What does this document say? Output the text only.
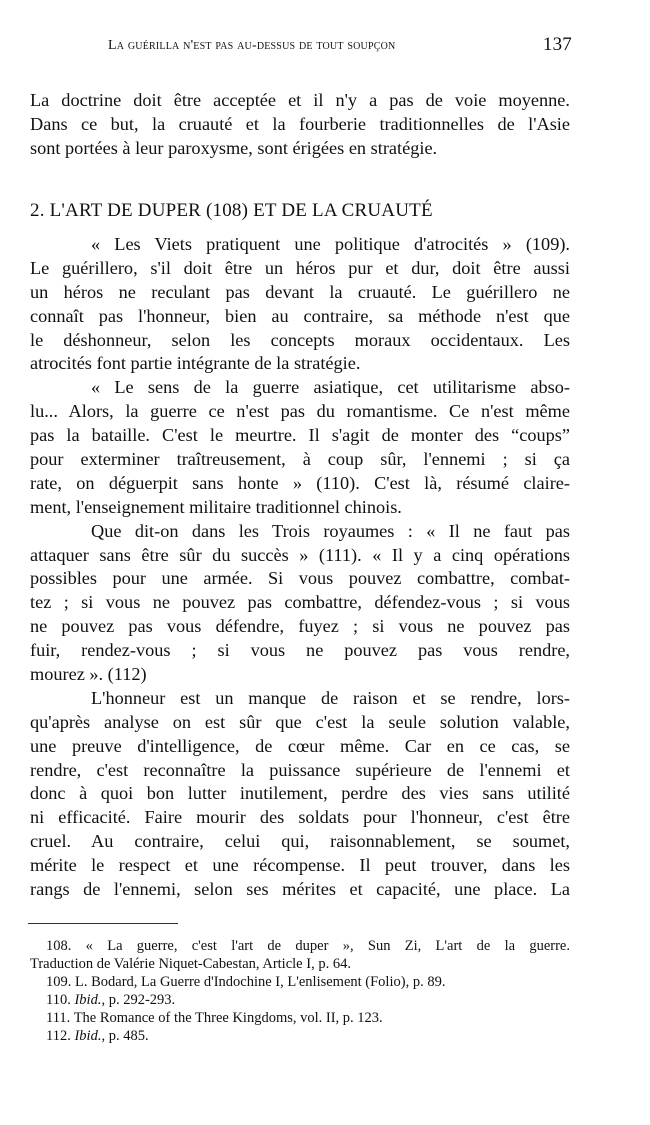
La guérilla n'est pas au-dessus de tout soupçon	137
La doctrine doit être acceptée et il n'y a pas de voie moyenne.
Dans ce but, la cruauté et la fourberie traditionnelles de l'Asie
sont portées à leur paroxysme, sont érigées en stratégie.
2. L'ART DE DUPER (108) ET DE LA CRUAUTÉ
« Les Viets pratiquent une politique d'atrocités » (109).
Le guérillero, s'il doit être un héros pur et dur, doit être aussi
un héros ne reculant pas devant la cruauté. Le guérillero ne
connaît pas l'honneur, bien au contraire, sa méthode n'est que
le déshonneur, selon les concepts moraux occidentaux. Les
atrocités font partie intégrante de la stratégie.
« Le sens de la guerre asiatique, cet utilitarisme abso-
lu... Alors, la guerre ce n'est pas du romantisme. Ce n'est même
pas la bataille. C'est le meurtre. Il s'agit de monter des “coups”
pour exterminer traîtreusement, à coup sûr, l'ennemi ; si ça
rate, on déguerpit sans honte » (110). C'est là, résumé claire-
ment, l'enseignement militaire traditionnel chinois.
Que dit-on dans les Trois royaumes : « Il ne faut pas
attaquer sans être sûr du succès » (111). « Il y a cinq opérations
possibles pour une armée. Si vous pouvez combattre, combat-
tez ; si vous ne pouvez pas combattre, défendez-vous ; si vous
ne pouvez pas vous défendre, fuyez ; si vous ne pouvez pas
fuir, rendez-vous ; si vous ne pouvez pas vous rendre,
mourez ». (112)
L'honneur est un manque de raison et se rendre, lors-
qu'après analyse on est sûr que c'est la seule solution valable,
une preuve d'intelligence, de cœur même. Car en ce cas, se
rendre, c'est reconnaître la puissance supérieure de l'ennemi et
donc à quoi bon lutter inutilement, perdre des vies sans utilité
ni efficacité. Faire mourir des soldats pour l'honneur, c'est être
cruel. Au contraire, celui qui, raisonnablement, se soumet,
mérite le respect et une récompense. Il peut trouver, dans les
rangs de l'ennemi, selon ses mérites et capacité, une place. La
108. « La guerre, c'est l'art de duper », Sun Zi, L'art de la guerre.
Traduction de Valérie Niquet-Cabestan, Article I, p. 64.
109. L. Bodard, La Guerre d'Indochine I, L'enlisement (Folio), p. 89.
110. Ibid., p. 292-293.
111. The Romance of the Three Kingdoms, vol. II, p. 123.
112. Ibid., p. 485.
